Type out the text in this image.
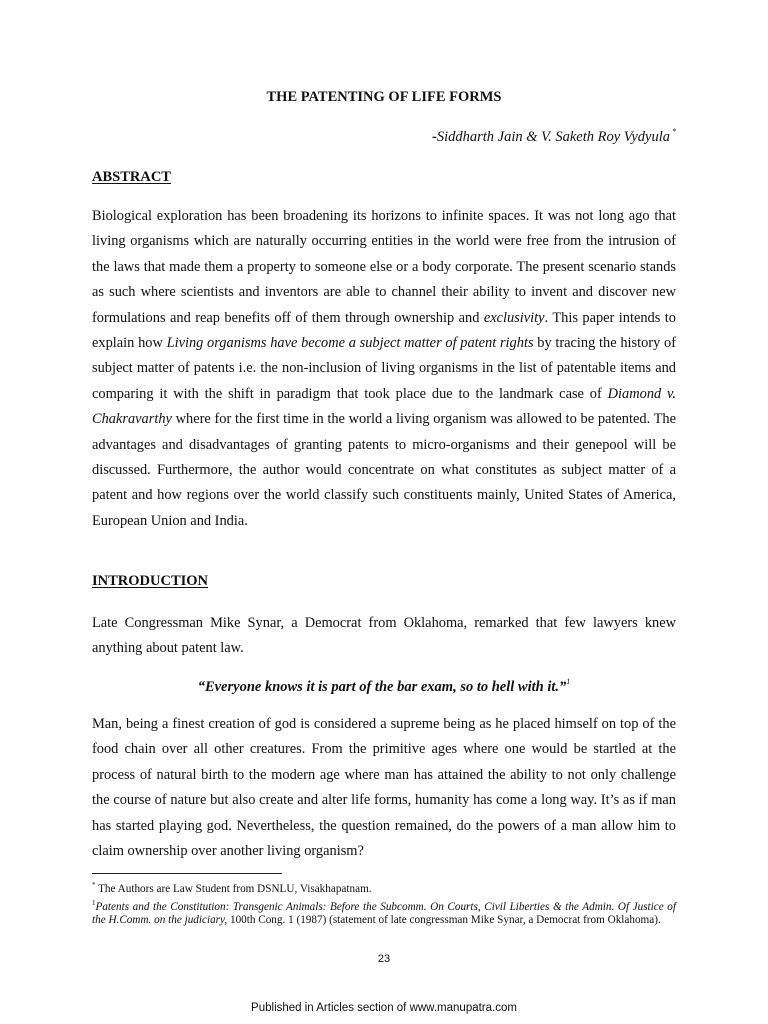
THE PATENTING OF LIFE FORMS
-Siddharth Jain & V. Saketh Roy Vydyula *
ABSTRACT
Biological exploration has been broadening its horizons to infinite spaces. It was not long ago that living organisms which are naturally occurring entities in the world were free from the intrusion of the laws that made them a property to someone else or a body corporate. The present scenario stands as such where scientists and inventors are able to channel their ability to invent and discover new formulations and reap benefits off of them through ownership and exclusivity. This paper intends to explain how Living organisms have become a subject matter of patent rights by tracing the history of subject matter of patents i.e. the non-inclusion of living organisms in the list of patentable items and comparing it with the shift in paradigm that took place due to the landmark case of Diamond v. Chakravarthy where for the first time in the world a living organism was allowed to be patented. The advantages and disadvantages of granting patents to micro-organisms and their genepool will be discussed. Furthermore, the author would concentrate on what constitutes as subject matter of a patent and how regions over the world classify such constituents mainly, United States of America, European Union and India.
INTRODUCTION
Late Congressman Mike Synar, a Democrat from Oklahoma, remarked that few lawyers knew anything about patent law.
“Everyone knows it is part of the bar exam, so to hell with it.”$^1$
Man, being a finest creation of god is considered a supreme being as he placed himself on top of the food chain over all other creatures. From the primitive ages where one would be startled at the process of natural birth to the modern age where man has attained the ability to not only challenge the course of nature but also create and alter life forms, humanity has come a long way. It’s as if man has started playing god. Nevertheless, the question remained, do the powers of a man allow him to claim ownership over another living organism?

* The Authors are Law Student from DSNLU, Visakhapatnam.

$^1$Patents and the Constitution: Transgenic Animals: Before the Subcomm. On Courts, Civil Liberties & the Admin. Of Justice of the H.Comm. on the judiciary, 100th Cong. 1 (1987) (statement of late congressman Mike Synar, a Democrat from Oklahoma).

23
Published in Articles section of www.manupatra.com
